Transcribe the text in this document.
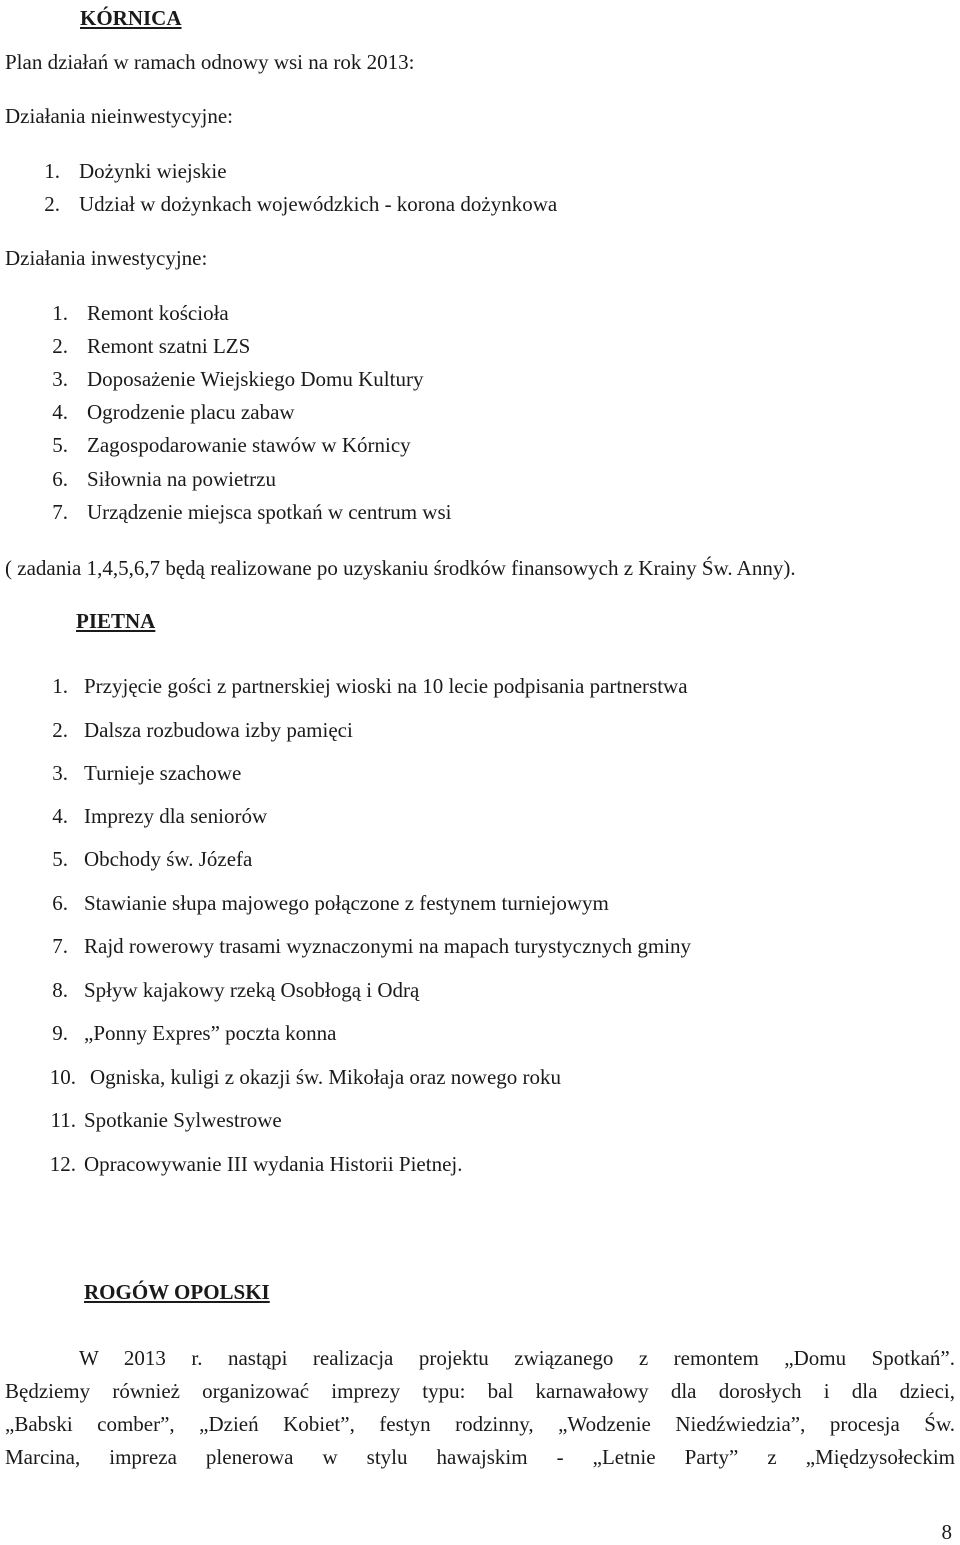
KÓRNICA
Plan działań w ramach odnowy wsi na rok 2013:
Działania nieinwestycyjne:
1. Dożynki wiejskie
2. Udział w dożynkach wojewódzkich - korona dożynkowa
Działania inwestycyjne:
1. Remont kościoła
2. Remont szatni LZS
3. Doposażenie Wiejskiego Domu Kultury
4. Ogrodzenie placu zabaw
5. Zagospodarowanie stawów w Kórnicy
6. Siłownia na powietrzu
7. Urządzenie miejsca spotkań w centrum wsi
( zadania 1,4,5,6,7 będą realizowane po uzyskaniu środków finansowych z Krainy Św. Anny).
PIETNA
1. Przyjęcie gości z partnerskiej wioski na 10 lecie podpisania partnerstwa
2. Dalsza rozbudowa izby pamięci
3. Turnieje szachowe
4. Imprezy dla seniorów
5. Obchody św. Józefa
6. Stawianie słupa majowego połączone z festynem turniejowym
7. Rajd rowerowy trasami wyznaczonymi na mapach turystycznych gminy
8. Spływ kajakowy rzeką Osobłogą i Odrą
9. „Ponny Expres” poczta konna
10. Ogniska, kuligi z okazji św. Mikołaja oraz nowego roku
11. Spotkanie Sylwestrowe
12. Opracowywanie III wydania Historii Pietnej.
ROGÓW OPOLSKI
W 2013 r. nastąpi realizacja projektu związanego z remontem „Domu Spotkań”.
Będziemy również organizować imprezy typu: bal karnawałowy dla dorosłych i dla dzieci,
„Babski comber”, „Dzień Kobiet”, festyn rodzinny, „Wodzenie Niedźwiedzia”, procesja Św.
Marcina, impreza plenerowa w stylu hawajskim - „Letnie Party” z „Międzysołeckim
8
